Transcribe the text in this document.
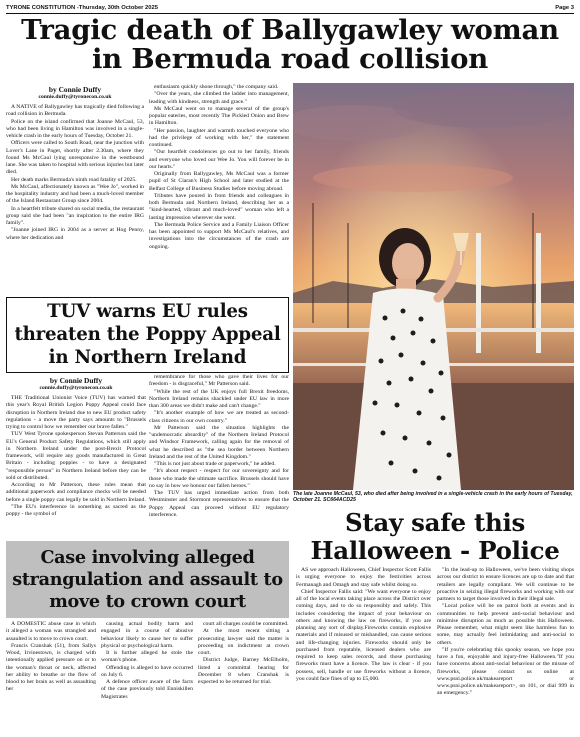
TYRONE CONSTITUTION -Thursday, 30th October 2025	Page 3
Tragic death of Ballygawley woman in Bermuda road collision
by Connie Duffy
connie.duffy@tyronecon.co.uk

A NATIVE of Ballygawley has tragically died following a road collision in Bermuda.

Police on the island confirmed that Joanne McCaul, 53, who had been living in Hamilton was involved in a single-vehicle crash in the early hours of Tuesday, October 21.

Officers were called to South Road, near the junction with Lover's Lane in Paget, shortly after 2.30am, where they found Ms McCaul lying unresponsive in the westbound lane. She was taken to hospital with serious injuries but later died.

Her death marks Bermuda's ninth road fatality of 2025.

Ms McCaul, affectionately known as "Wee Jo", worked in the hospitality industry and had been a much-loved member of the Island Restaurant Group since 2004.

In a heartfelt tribute shared on social media, the restaurant group said she had been "an inspiration to the entire IRG family".

"Joanne joined IRG in 2004 as a server at Hog Penny, where her dedication and

enthusiasm quickly shone through," the company said.

"Over the years, she climbed the ladder into management, leading with kindness, strength and grace."

Ms McCaul went on to manage several of the group's popular eateries, most recently The Pickled Onion and Brew in Hamilton.

"Her passion, laughter and warmth touched everyone who had the privilege of working with her," the statement continued.

"Our heartfelt condolences go out to her family, friends and everyone who loved our Wee Jo. You will forever be in our hearts."

Originally from Ballygawley, Ms McCaul was a former pupil of St Ciaran's High School and later studied at the Belfast College of Business Studies before moving abroad.

Tributes have poured in from friends and colleagues in both Bermuda and Northern Ireland, describing her as a "kind-hearted, vibrant and much-loved" woman who left a lasting impression wherever she went.

The Bermuda Police Service and a Family Liaison Officer has been appointed to support Ms McCaul's relatives, and investigations into the circumstances of the crash are ongoing.

The late Joanne McCaul, 53, who died after being involved in a single-vehicle crash in the early hours of Tuesday, October 21. SC664ACD25
TUV warns EU rules threaten the Poppy Appeal in Northern Ireland
by Connie Duffy
connie.duffy@tyronecon.co.uk

THE Traditional Unionist Voice (TUV) has warned that this year's Royal British Legion Poppy Appeal could face disruption in Northern Ireland due to new EU product safety regulations - a move the party says amounts to "Brussels trying to control how we remember our brave fallen."

TUV West Tyrone spokesperson Stevan Patterson said the EU's General Product Safety Regulations, which still apply in Northern Ireland under the post-Brexit Protocol framework, will require any goods manufactured in Great Britain - including poppies - to have a designated "responsible person" in Northern Ireland before they can be sold or distributed.

According to Mr Patterson, these rules mean that additional paperwork and compliance checks will be needed before a single poppy can legally be sold in Northern Ireland.

"The EU's interference in something as sacred as the poppy - the symbol of

remembrance for those who gave their lives for our freedom - is disgraceful," Mr Patterson said.

"While the rest of the UK enjoys full Brexit freedoms, Northern Ireland remains shackled under EU law in more than 300 areas we didn't make and can't change."

"It's another example of how we are treated as second-class citizens in our own country."

Mr Patterson said the situation highlights the "undemocratic absurdity" of the Northern Ireland Protocol and Windsor Framework, calling again for the removal of what he described as "the sea border between Northern Ireland and the rest of the United Kingdom."

"This is not just about trade or paperwork," he added.

"It's about respect - respect for our sovereignty and for those who made the ultimate sacrifice. Brussels should have no say in how we honour our fallen heroes."

The TUV has urged immediate action from both Westminster and Stormont representatives to ensure that the Poppy Appeal can proceed without EU regulatory interference.

Case involving alleged strangulation and assault to move to crown court

A DOMESTIC abuse case in which it alleged a woman was strangled and assaulted is to move to crown court.

Francis Cranshak (51), from Sallys Wood, Irvinestown, is charged with intentionally applied pressure on or to the woman's throat or neck, affected her ability to breathe or the flow of blood to her brain as well as assaulting her

causing actual bodily harm and engaged in a course of abusive behaviour likely to cause her to suffer physical or psychological harm.

It is further alleged he stole the woman's phone.

Offending is alleged to have occurred on July 6.

A defence officer aware of the facts of the case previously told Enniskillen Magistrates

court all charges could be committed.

At the most recent sitting a prosecuting lawyer said the matter is proceeding on indictment at crown court.

District Judge, Barney McElholm, listed a committal hearing for December 8 when Cranshak is expected to be returned for trial.

Stay safe this Halloween - Police

AS we approach Halloween, Chief Inspector Scott Fallis is urging everyone to enjoy the festivities across Fermanagh and Omagh and stay safe whilst doing so.

Chief Inspector Fallis said: "We want everyone to enjoy all of the local events taking place across the District over coming days, and to do so responsibly and safely. This includes considering the impact of your behaviour on others and knowing the law on fireworks, if you are planning any sort of display.Fireworks contain explosive materials and if misused or mishandled, can cause serious and life-changing injuries. Fireworks should only be purchased from reputable, licensed dealers who are required to keep sales records, and those purchasing fireworks must have a licence. The law is clear - if you possess, sell, handle or use fireworks without a licence, you could face fines of up to £5,000.

"In the lead-up to Halloween, we've been visiting shops across our district to ensure licences are up to date and that retailers are legally compliant. We will continue to be proactive in seizing illegal fireworks and working with our partners to target those involved in their illegal sale.

"Local police will be on patrol both at events and in communities to help prevent anti-social behaviour and minimise disruption as much as possible this Halloween. Please remember, what might seem like harmless fun to some, may actually feel intimidating and anti-social to others.

"If you're celebrating this spooky season, we hope you have a fun, enjoyable and injury-free Halloween."If you have concerns about anti-social behaviour or the misuse of fireworks, please contact us online at www.psni.police.uk/makeareport or www.psni.police.uk/makeareport>, on 101, or dial 999 in an emergency."
